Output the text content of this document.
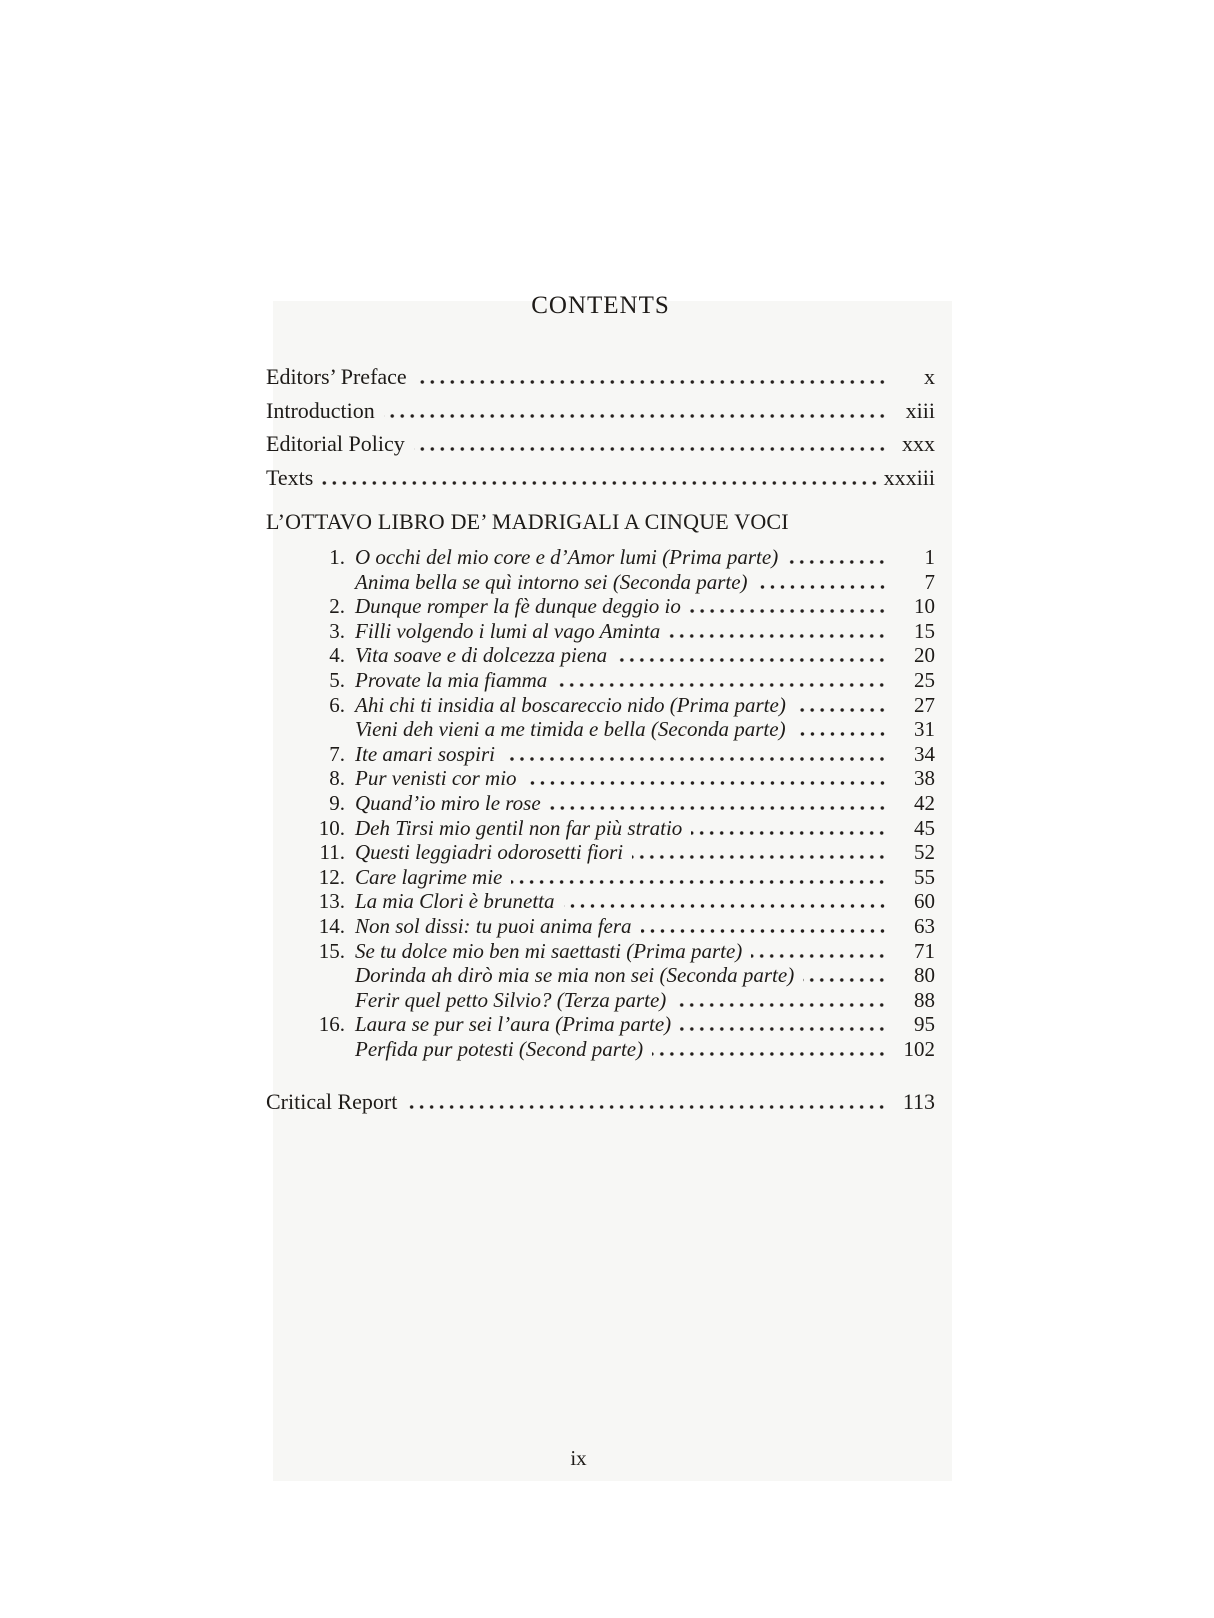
CONTENTS
Editors’ Preface	x
Introduction	xiii
Editorial Policy	xxx
Texts	xxxiii
L’OTTAVO LIBRO DE’ MADRIGALI A CINQUE VOCI
1. O occhi del mio core e d’Amor lumi (Prima parte)	1
Anima bella se quì intorno sei (Seconda parte)	7
2. Dunque romper la fè dunque deggio io	10
3. Filli volgendo i lumi al vago Aminta	15
4. Vita soave e di dolcezza piena	20
5. Provate la mia fiamma	25
6. Ahi chi ti insidia al boscareccio nido (Prima parte)	27
Vieni deh vieni a me timida e bella (Seconda parte)	31
7. Ite amari sospiri	34
8. Pur venisti cor mio	38
9. Quand’io miro le rose	42
10. Deh Tirsi mio gentil non far più stratio	45
11. Questi leggiadri odorosetti fiori	52
12. Care lagrime mie	55
13. La mia Clori è brunetta	60
14. Non sol dissi: tu puoi anima fera	63
15. Se tu dolce mio ben mi saettasti (Prima parte)	71
Dorinda ah dirò mia se mia non sei (Seconda parte)	80
Ferir quel petto Silvio? (Terza parte)	88
16. Laura se pur sei l’aura (Prima parte)	95
Perfida pur potesti (Second parte)	102
Critical Report	113
ix
